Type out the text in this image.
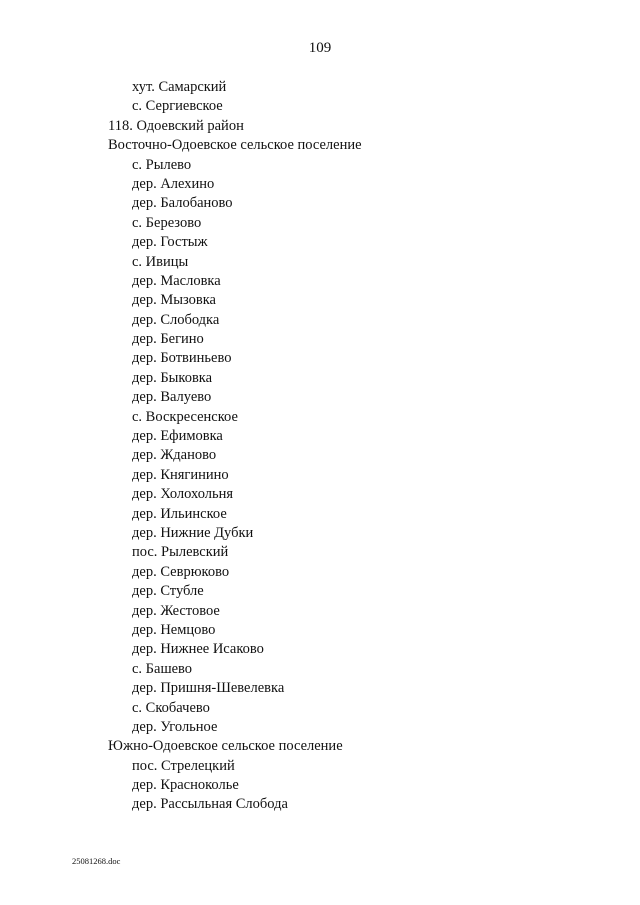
109
хут. Самарский
с. Сергиевское
118. Одоевский район
Восточно-Одоевское сельское поселение
с. Рылево
дер. Алехино
дер. Балобаново
с. Березово
дер. Гостыж
с. Ивицы
дер. Масловка
дер. Мызовка
дер. Слободка
дер. Бегино
дер. Ботвиньево
дер. Быковка
дер. Валуево
с. Воскресенское
дер. Ефимовка
дер. Жданово
дер. Княгинино
дер. Холохольня
дер. Ильинское
дер. Нижние Дубки
пос. Рылевский
дер. Севрюково
дер. Стубле
дер. Жестовое
дер. Немцово
дер. Нижнее Исаково
с. Башево
дер. Пришня-Шевелевка
с. Скобачево
дер. Угольное
Южно-Одоевское сельское поселение
пос. Стрелецкий
дер. Краснокольe
дер. Рассыльная Слобода
25081268.doc
